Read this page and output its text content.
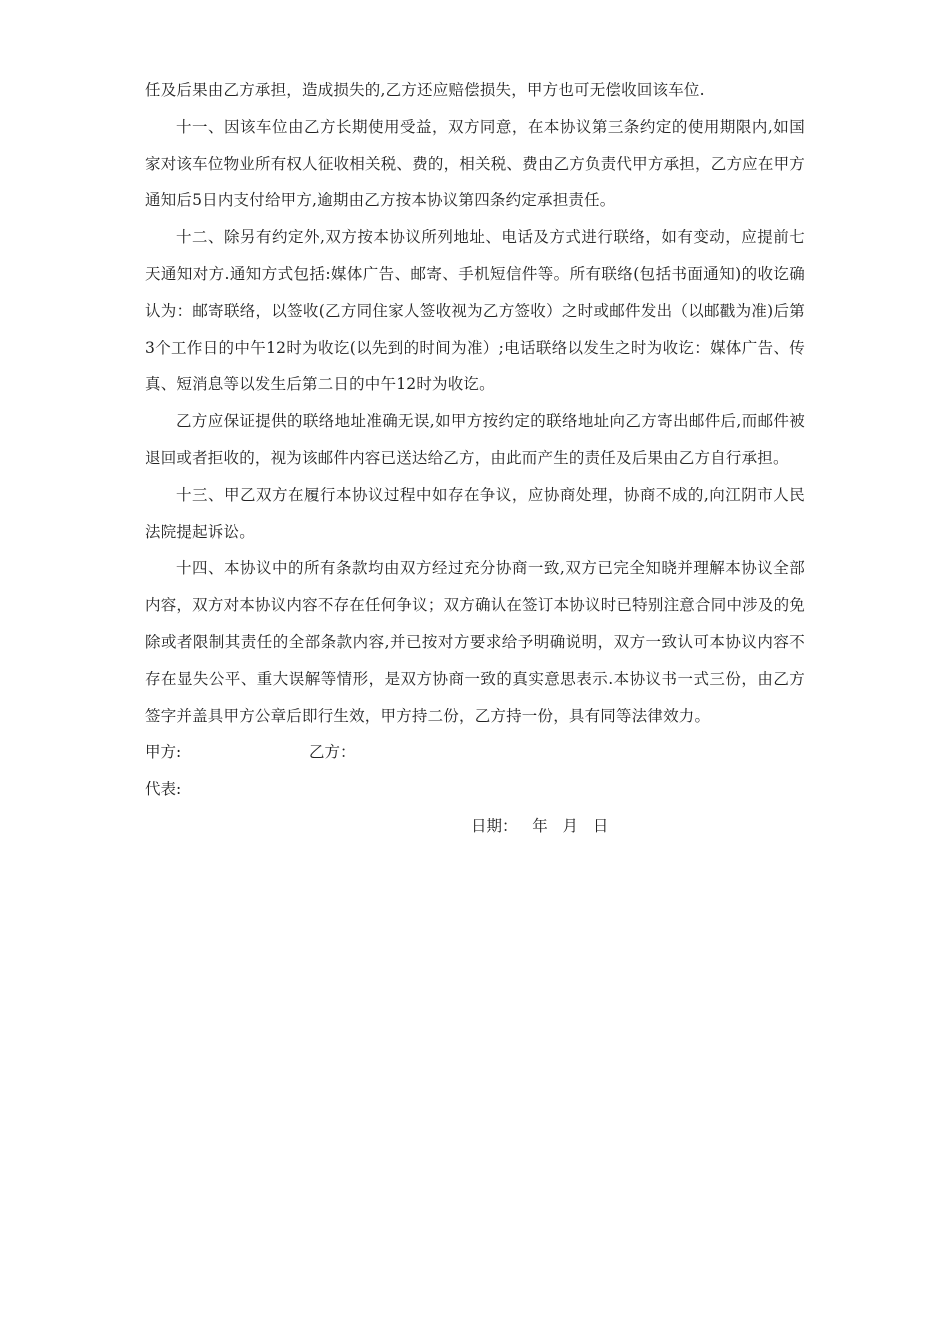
任及后果由乙方承担，造成损失的,乙方还应赔偿损失，甲方也可无偿收回该车位.

十一、因该车位由乙方长期使用受益，双方同意，在本协议第三条约定的使用期限内,如国家对该车位物业所有权人征收相关税、费的，相关税、费由乙方负责代甲方承担，乙方应在甲方通知后5日内支付给甲方,逾期由乙方按本协议第四条约定承担责任。

十二、除另有约定外,双方按本协议所列地址、电话及方式进行联络，如有变动，应提前七天通知对方.通知方式包括:媒体广告、邮寄、手机短信件等。所有联络(包括书面通知)的收讫确认为：邮寄联络，以签收(乙方同住家人签收视为乙方签收）之时或邮件发出（以邮戳为准)后第3个工作日的中午12时为收讫(以先到的时间为准）;电话联络以发生之时为收讫：媒体广告、传真、短消息等以发生后第二日的中午12时为收讫。

乙方应保证提供的联络地址准确无误,如甲方按约定的联络地址向乙方寄出邮件后,而邮件被退回或者拒收的，视为该邮件内容已送达给乙方，由此而产生的责任及后果由乙方自行承担。

十三、甲乙双方在履行本协议过程中如存在争议，应协商处理，协商不成的,向江阴市人民法院提起诉讼。

十四、本协议中的所有条款均由双方经过充分协商一致,双方已完全知晓并理解本协议全部内容，双方对本协议内容不存在任何争议；双方确认在签订本协议时已特别注意合同中涉及的免除或者限制其责任的全部条款内容,并已按对方要求给予明确说明，双方一致认可本协议内容不存在显失公平、重大误解等情形，是双方协商一致的真实意思表示.本协议书一式三份，由乙方签字并盖具甲方公章后即行生效，甲方持二份，乙方持一份，具有同等法律效力。

甲方:	乙方：
代表:
日期：   年   月   日
